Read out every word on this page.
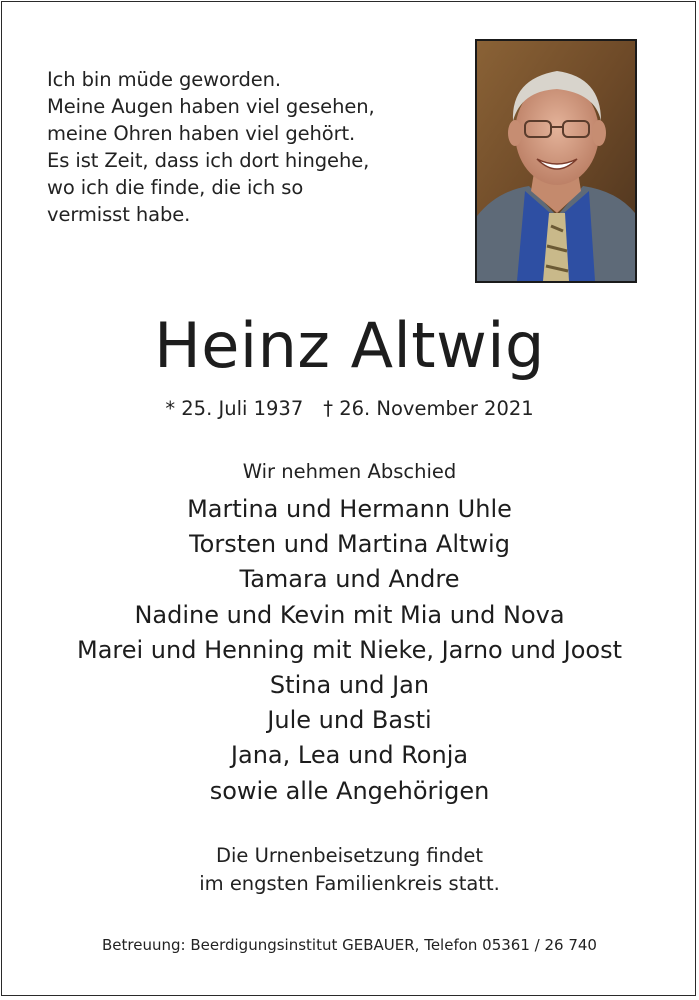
Ich bin müde geworden.
Meine Augen haben viel gesehen,
meine Ohren haben viel gehört.
Es ist Zeit, dass ich dort hingehe,
wo ich die finde, die ich so
vermisst habe.
Heinz Altwig
* 25. Juli 1937 † 26. November 2021
Wir nehmen Abschied
Martina und Hermann Uhle
Torsten und Martina Altwig
Tamara und Andre
Nadine und Kevin mit Mia und Nova
Marei und Henning mit Nieke, Jarno und Joost
Stina und Jan
Jule und Basti
Jana, Lea und Ronja
sowie alle Angehörigen
Die Urnenbeisetzung findet
im engsten Familienkreis statt.
Betreuung: Beerdigungsinstitut GEBAUER, Telefon 05361 / 26 740
